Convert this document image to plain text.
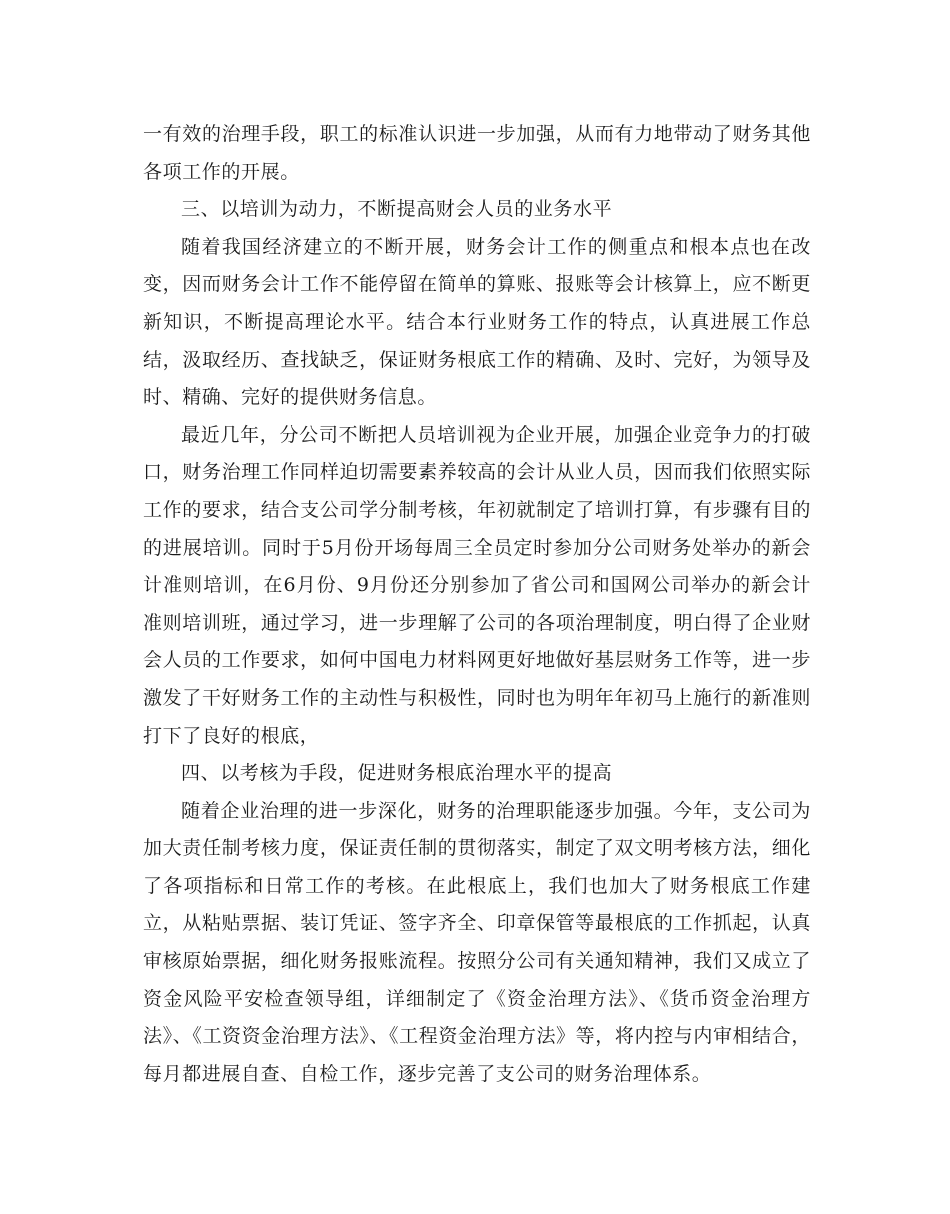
一有效的治理手段，职工的标准认识进一步加强，从而有力地带动了财务其他各项工作的开展。

三、以培训为动力，不断提高财会人员的业务水平

随着我国经济建立的不断开展，财务会计工作的侧重点和根本点也在改变，因而财务会计工作不能停留在简单的算账、报账等会计核算上，应不断更新知识，不断提高理论水平。结合本行业财务工作的特点，认真进展工作总结，汲取经历、查找缺乏，保证财务根底工作的精确、及时、完好，为领导及时、精确、完好的提供财务信息。

最近几年，分公司不断把人员培训视为企业开展，加强企业竞争力的打破口，财务治理工作同样迫切需要素养较高的会计从业人员，因而我们依照实际工作的要求，结合支公司学分制考核，年初就制定了培训打算，有步骤有目的的进展培训。同时于5月份开场每周三全员定时参加分公司财务处举办的新会计准则培训，在6月份、9月份还分别参加了省公司和国网公司举办的新会计准则培训班，通过学习，进一步理解了公司的各项治理制度，明白得了企业财会人员的工作要求，如何中国电力材料网更好地做好基层财务工作等，进一步激发了干好财务工作的主动性与积极性，同时也为明年年初马上施行的新准则打下了良好的根底，

四、以考核为手段，促进财务根底治理水平的提高

随着企业治理的进一步深化，财务的治理职能逐步加强。今年，支公司为加大责任制考核力度，保证责任制的贯彻落实，制定了双文明考核方法，细化了各项指标和日常工作的考核。在此根底上，我们也加大了财务根底工作建立，从粘贴票据、装订凭证、签字齐全、印章保管等最根底的工作抓起，认真审核原始票据，细化财务报账流程。按照分公司有关通知精神，我们又成立了资金风险平安检查领导组，详细制定了《资金治理方法》、《货币资金治理方法》、《工资资金治理方法》、《工程资金治理方法》等，将内控与内审相结合，每月都进展自查、自检工作，逐步完善了支公司的财务治理体系。
